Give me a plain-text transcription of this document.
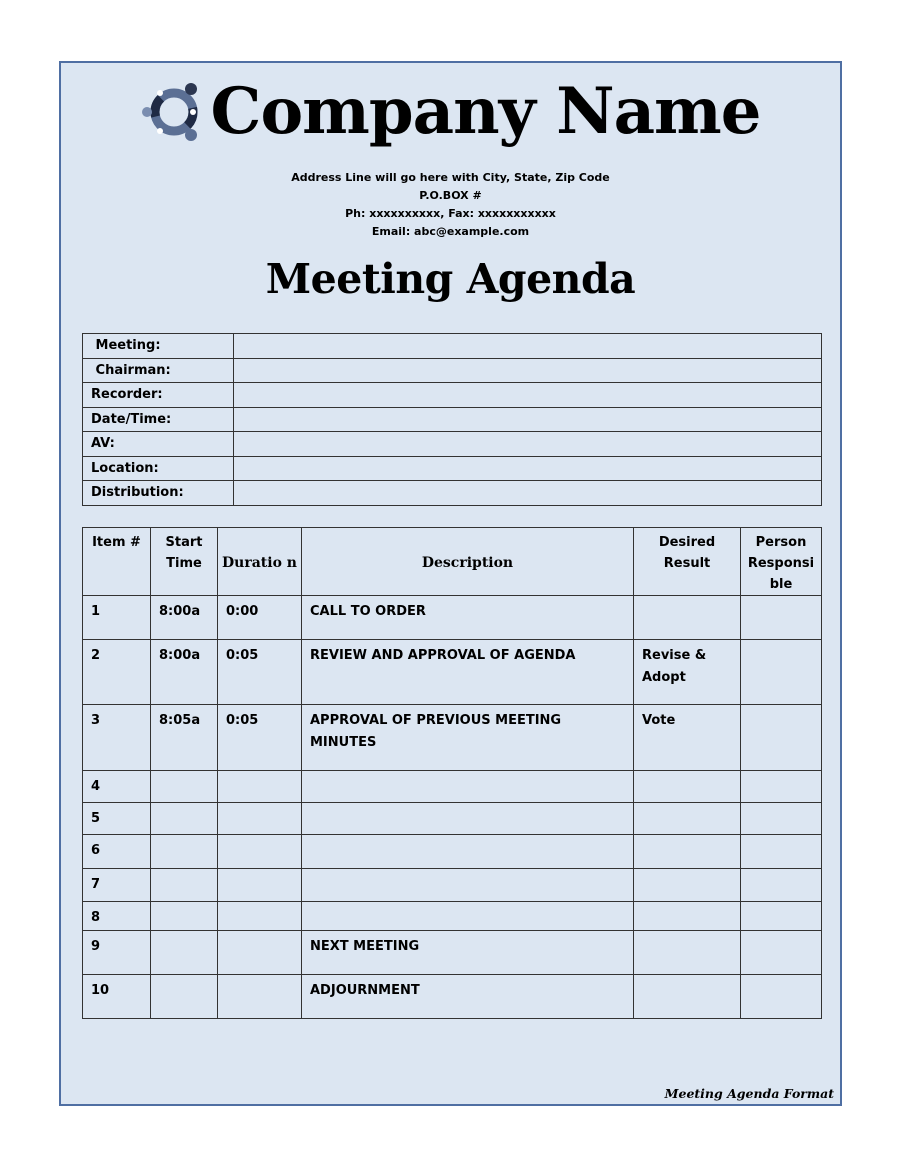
Company Name
Address Line will go here with City, State, Zip Code
P.O.BOX #
Ph: xxxxxxxxxx, Fax: xxxxxxxxxxx
Email: abc@example.com
Meeting Agenda
Meeting:	
Chairman:	
Recorder:	
Date/Time:	
AV:	
Location:	
Distribution:	
Item #	Start Time	Duratio n	Description	Desired Result	Person Responsi ble
1	8:00a	0:00	CALL TO ORDER		
2	8:00a	0:05	REVIEW AND APPROVAL OF AGENDA	Revise & Adopt	
3	8:05a	0:05	APPROVAL OF PREVIOUS MEETING MINUTES	Vote	
4					
5					
6					
7					
8					
9			NEXT MEETING		
10			ADJOURNMENT		
Meeting Agenda Format
